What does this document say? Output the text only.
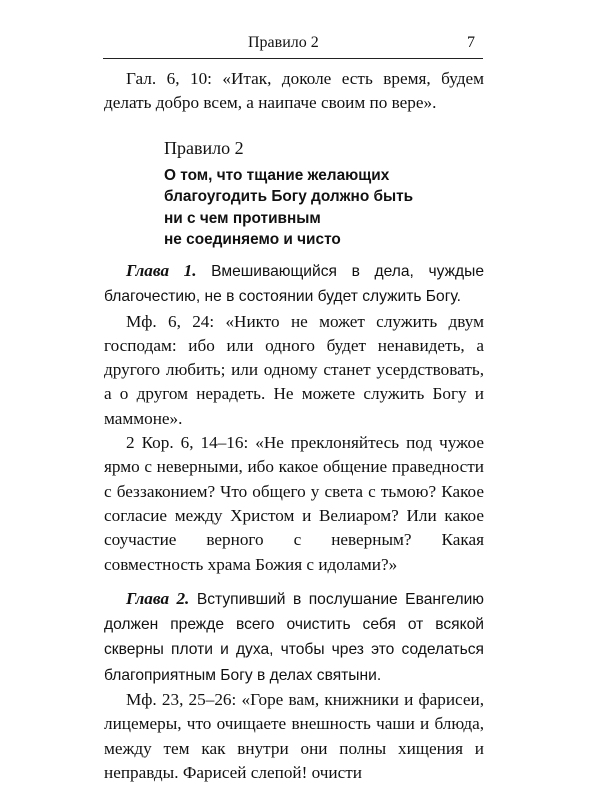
Правило 2	7

Гал. 6, 10: «Итак, доколе есть время, будем делать добро всем, а наипаче своим по вере».

Правило 2
О том, что тщание желающих
благоугодить Богу должно быть
ни с чем противным
не соединяемо и чисто

Глава 1. Вмешивающийся в дела, чуждые благочестию, не в состоянии будет служить Богу.

Мф. 6, 24: «Никто не может служить двум господам: ибо или одного будет ненавидеть, а другого любить; или одному станет усердствовать, а о другом нерадеть. Не можете служить Богу и маммоне».

2 Кор. 6, 14–16: «Не преклоняйтесь под чужое ярмо с неверными, ибо какое общение праведности с беззаконием? Что общего у света с тьмою? Какое согласие между Христом и Велиаром? Или какое соучастие верного с неверным? Какая совместность храма Божия с идолами?»

Глава 2. Вступивший в послушание Евангелию должен прежде всего очистить себя от всякой скверны плоти и духа, чтобы чрез это соделаться благоприятным Богу в делах святыни.

Мф. 23, 25–26: «Горе вам, книжники и фарисеи, лицемеры, что очищаете внешность чаши и блюда, между тем как внутри они полны хищения и неправды. Фарисей слепой! очисти
